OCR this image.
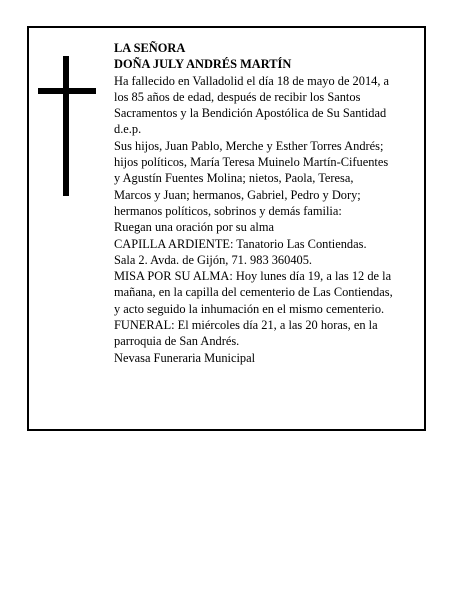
LA SEÑORA
DOÑA JULY ANDRÉS MARTÍN
Ha fallecido en Valladolid el día 18 de mayo de 2014, a
los 85 años de edad, después de recibir los Santos
Sacramentos y la Bendición Apostólica de Su Santidad
d.e.p.
Sus hijos, Juan Pablo, Merche y Esther Torres Andrés;
hijos políticos, María Teresa Muinelo Martín-Cifuentes
y Agustín Fuentes Molina; nietos, Paola, Teresa,
Marcos y Juan; hermanos, Gabriel, Pedro y Dory;
hermanos políticos, sobrinos y demás familia:
Ruegan una oración por su alma
CAPILLA ARDIENTE: Tanatorio Las Contiendas.
Sala 2. Avda. de Gijón, 71. 983 360405.
MISA POR SU ALMA: Hoy lunes día 19, a las 12 de la
mañana, en la capilla del cementerio de Las Contiendas,
y acto seguido la inhumación en el mismo cementerio.
FUNERAL: El miércoles día 21, a las 20 horas, en la
parroquia de San Andrés.
Nevasa Funeraria Municipal
